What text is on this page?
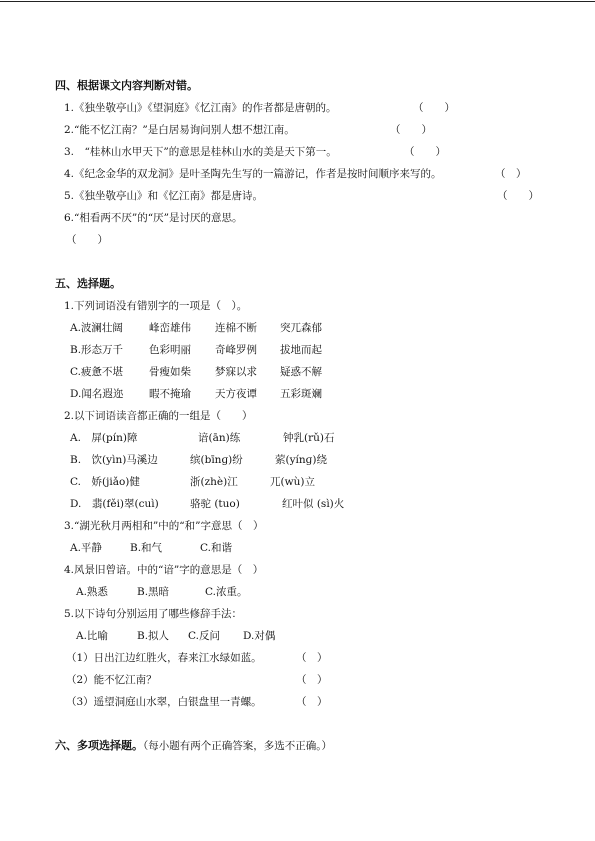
四、根据课文内容判断对错。
1.《独坐敬亭山》《望洞庭》《忆江南》的作者都是唐朝的。	（　　）
2.“能不忆江南？”是白居易询问别人想不想江南。	（　　）
3.　“桂林山水甲天下”的意思是桂林山水的美是天下第一。	（　　）
4.《纪念金华的双龙洞》是叶圣陶先生写的一篇游记，作者是按时间顺序来写的。	（　）
5.《独坐敬亭山》和《忆江南》都是唐诗。	（　　）
6.“相看两不厌”的“厌”是讨厌的意思。
（　　）
五、选择题。
1.下列词语没有错别字的一项是（　）。
A.波澜壮阔 峰峦雄伟 连棉不断 突兀森郁
B.形态万千 色彩明丽 奇峰罗例 拔地而起
C.疲惫不堪 骨瘦如柴 梦寐以求 疑惑不解
D.闻名遐迩 暇不掩瑜 天方夜谭 五彩斑斓
2.以下词语读音都正确的一组是（　　）
A.　屏(pín)障	谙(ān)练	钟乳(rǔ)石
B.　饮(yìn)马溪边	缤(bīnɡ)纷	萦(yínɡ)绕
C.　娇(jiǎo)健	浙(zhè)江	兀(wù)立
D.　翡(fěi)翠(cuì)	骆驼 (tuo)	红叶似 (sì)火
3.“湖光秋月两相和”中的“和”字意思（　）
A.平静	B.和气	C.和谐
4.风景旧曾谙。中的“谙”字的意思是（　）
A.熟悉	B.黑暗	C.浓重。
5.以下诗句分别运用了哪些修辞手法：
A.比喻	B.拟人 C.反问 D.对偶
（1）日出江边红胜火，春来江水绿如蓝。	（　）
（2）能不忆江南？	（　）
（3）遥望洞庭山水翠，白银盘里一青螺。	（　）
六、多项选择题。（每小题有两个正确答案，多选不正确。）
